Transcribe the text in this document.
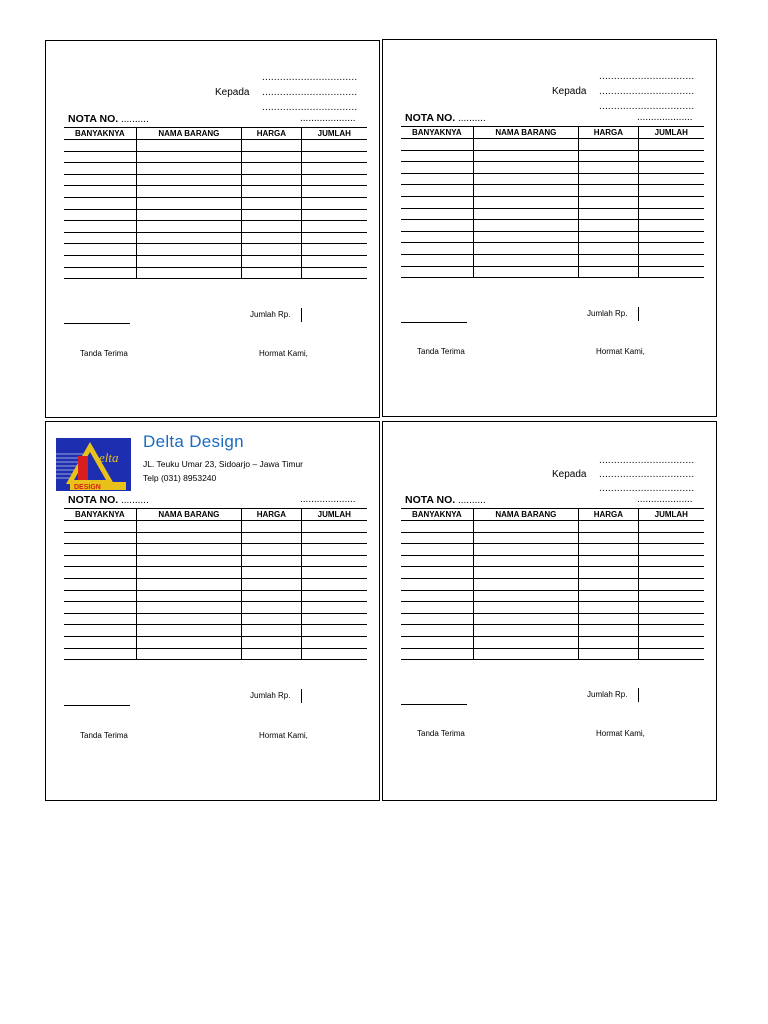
................................
Kepada ................................
................................
NOTA NO. ..........	....................
BANYAKNYA	NAMA BARANG	HARGA	JUMLAH

Jumlah Rp.
Tanda Terima	Hormat Kami,
................................
Kepada ................................
................................
NOTA NO. ..........	....................
BANYAKNYA	NAMA BARANG	HARGA	JUMLAH

Jumlah Rp.
Tanda Terima	Hormat Kami,
elta
DESIGN
Delta Design
JL. Teuku Umar 23, Sidoarjo – Jawa Timur
Telp (031) 8953240
NOTA NO. ..........	....................
BANYAKNYA	NAMA BARANG	HARGA	JUMLAH

Jumlah Rp.
Tanda Terima	Hormat Kami,
................................
Kepada ................................
................................
NOTA NO. ..........	....................
BANYAKNYA	NAMA BARANG	HARGA	JUMLAH

Jumlah Rp.
Tanda Terima	Hormat Kami,
